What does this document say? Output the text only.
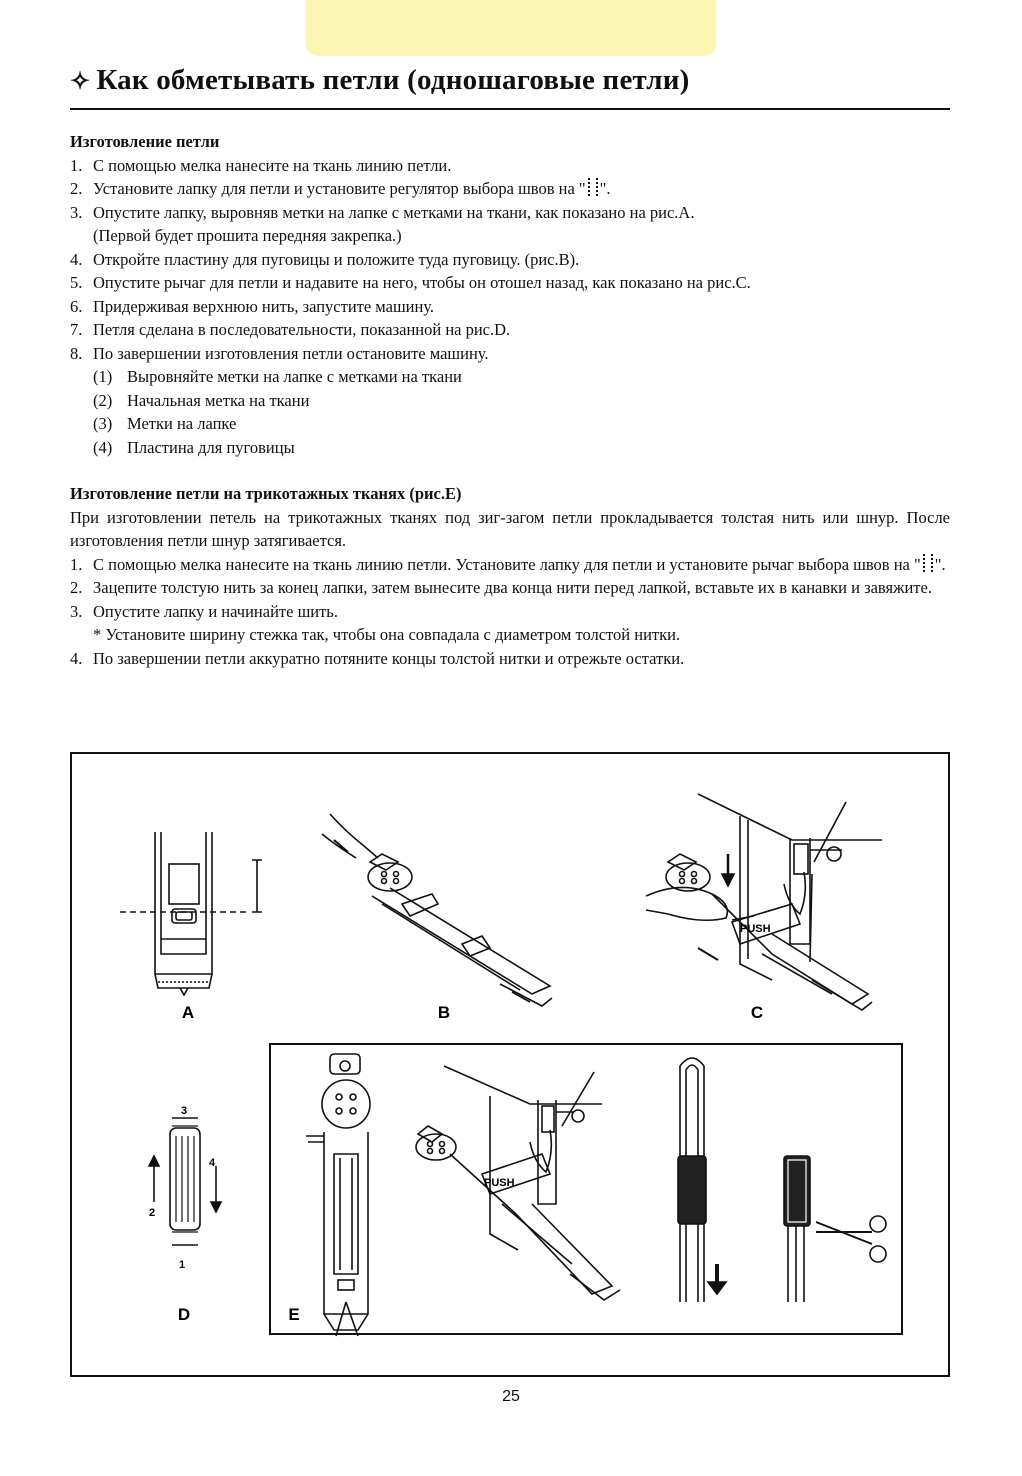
✧ Как обметывать петли (одношаговые петли)
Изготовление петли
1. С помощью мелка нанесите на ткань линию петли.
2. Установите лапку для петли и установите регулятор выбора швов на " ".
3. Опустите лапку, выровняв метки на лапке с метками на ткани, как показано на рис.А.
(Первой будет прошита передняя закрепка.)
4. Откройте пластину для пуговицы и положите туда пуговицу. (рис.В).
5. Опустите рычаг для петли и надавите на него, чтобы он отошел назад, как показано на рис.С.
6. Придерживая верхнюю нить, запустите машину.
7. Петля сделана в последовательности, показанной на рис.D.
8. По завершении изготовления петли остановите машину.
(1) Выровняйте метки на лапке с метками на ткани
(2) Начальная метка на ткани
(3) Метки на лапке
(4) Пластина для пуговицы
Изготовление петли на трикотажных тканях (рис.Е)
При изготовлении петель на трикотажных тканях под зиг-загом петли прокладывается толстая нить или шнур. После изготовления петли шнур затягивается.
1. С помощью мелка нанесите на ткань линию петли. Установите лапку для петли и установите рычаг выбора швов на " ".
2. Зацепите толстую нить за конец лапки, затем вынесите два конца нити перед лапкой, вставьте их в канавки и завяжите.
3. Опустите лапку и начинайте шить.
* Установите ширину стежка так, чтобы она совпадала с диаметром толстой нитки.
4. По завершении петли аккуратно потяните концы толстой нитки и отрежьте остатки.
A	B	C
D	E
1
2
3
4
PUSH
PUSH
25
